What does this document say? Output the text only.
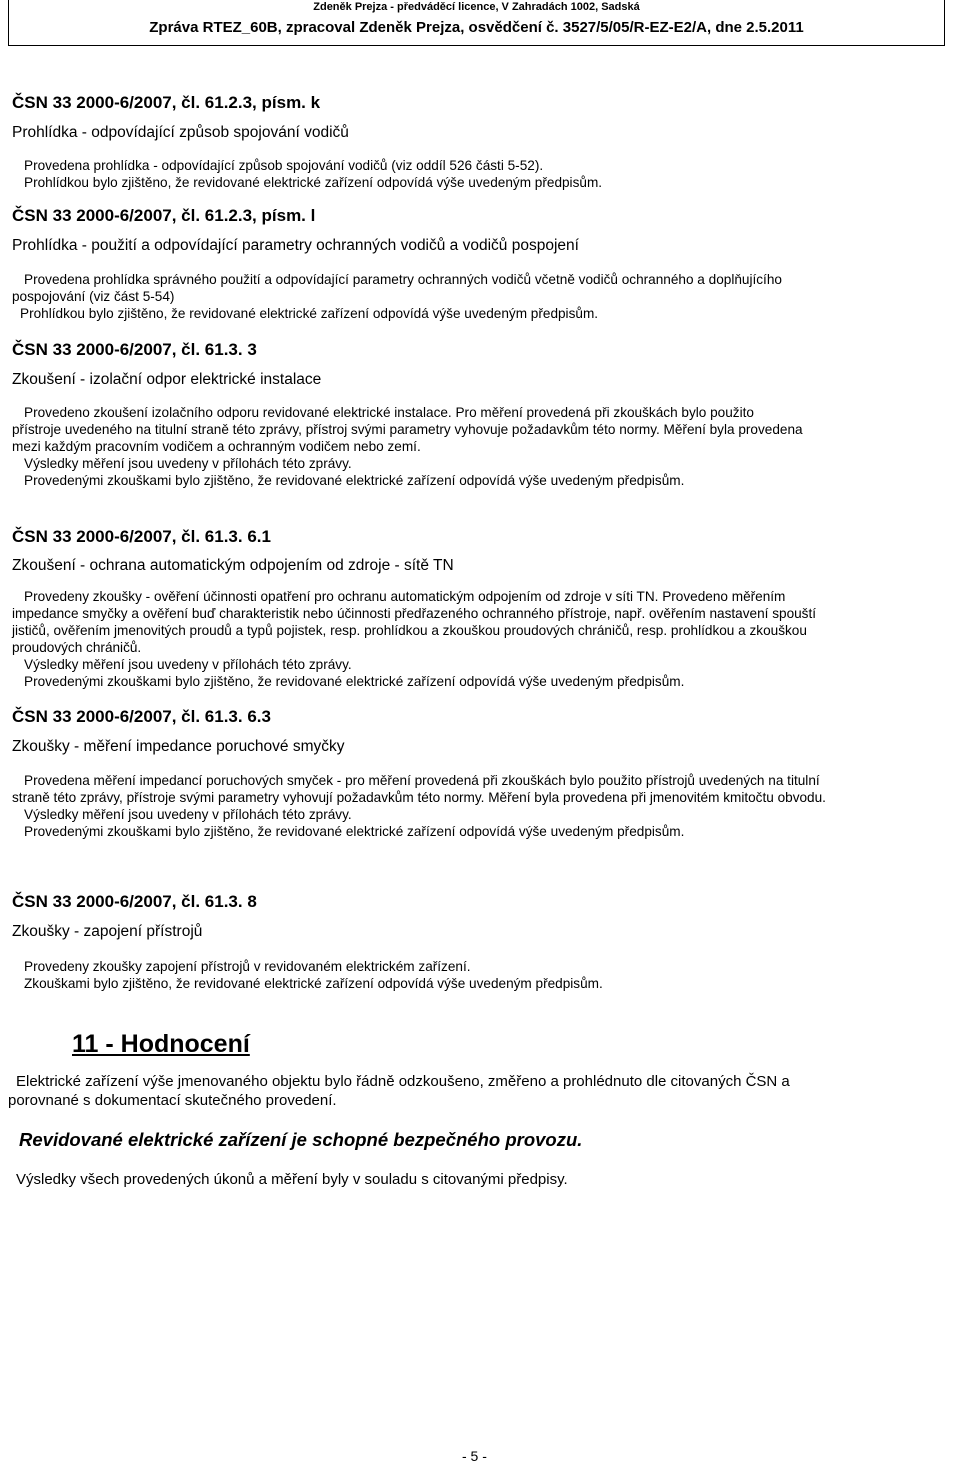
Zdeněk Prejza - předváděcí licence, V Zahradách 1002, Sadská
Zpráva RTEZ_60B, zpracoval Zdeněk Prejza, osvědčení č. 3527/5/05/R-EZ-E2/A, dne 2.5.2011
ČSN 33 2000-6/2007, čl. 61.2.3, písm. k
Prohlídka - odpovídající způsob spojování vodičů
Provedena prohlídka - odpovídající způsob spojování vodičů (viz oddíl 526 části 5-52).
Prohlídkou bylo zjištěno, že revidované elektrické zařízení odpovídá výše uvedeným předpisům.
ČSN 33 2000-6/2007, čl. 61.2.3, písm. l
Prohlídka - použití a odpovídající parametry ochranných vodičů a vodičů pospojení
Provedena prohlídka správného použití a odpovídající parametry ochranných vodičů včetně vodičů ochranného a doplňujícího
pospojování (viz část 5-54)
Prohlídkou bylo zjištěno, že revidované elektrické zařízení odpovídá výše uvedeným předpisům.
ČSN 33 2000-6/2007, čl. 61.3. 3
Zkoušení - izolační odpor elektrické instalace
Provedeno zkoušení izolačního odporu revidované elektrické instalace. Pro měření provedená při zkouškách bylo použito
přístroje uvedeného na titulní straně této zprávy, přístroj svými parametry vyhovuje požadavkům této normy. Měření byla provedena
mezi každým pracovním vodičem a ochranným vodičem nebo zemí.
Výsledky měření jsou uvedeny v přílohách této zprávy.
Provedenými zkouškami bylo zjištěno, že revidované elektrické zařízení odpovídá výše uvedeným předpisům.
ČSN 33 2000-6/2007, čl. 61.3. 6.1
Zkoušení - ochrana automatickým odpojením od zdroje - sítě TN
Provedeny zkoušky - ověření účinnosti opatření pro ochranu automatickým odpojením od zdroje v síti TN. Provedeno měřením
impedance smyčky a ověření buď charakteristik nebo účinnosti předřazeného ochranného přístroje, např. ověřením nastavení spouští
jističů, ověřením jmenovitých proudů a typů pojistek, resp. prohlídkou a zkouškou proudových chráničů, resp. prohlídkou a zkouškou
proudových chráničů.
Výsledky měření jsou uvedeny v přílohách této zprávy.
Provedenými zkouškami bylo zjištěno, že revidované elektrické zařízení odpovídá výše uvedeným předpisům.
ČSN 33 2000-6/2007, čl. 61.3. 6.3
Zkoušky - měření impedance poruchové smyčky
Provedena měření impedancí poruchových smyček - pro měření provedená při zkouškách bylo použito přístrojů uvedených na titulní
straně této zprávy, přístroje svými parametry vyhovují požadavkům této normy. Měření byla provedena při jmenovitém kmitočtu obvodu.
Výsledky měření jsou uvedeny v přílohách této zprávy.
Provedenými zkouškami bylo zjištěno, že revidované elektrické zařízení odpovídá výše uvedeným předpisům.
ČSN 33 2000-6/2007, čl. 61.3. 8
Zkoušky - zapojení přístrojů
Provedeny zkoušky zapojení přístrojů v revidovaném elektrickém zařízení.
Zkouškami bylo zjištěno, že revidované elektrické zařízení odpovídá výše uvedeným předpisům.
11 - Hodnocení
Elektrické zařízení výše jmenovaného objektu bylo řádně odzkoušeno, změřeno a prohlédnuto dle citovaných ČSN a
porovnané s dokumentací skutečného provedení.
Revidované elektrické zařízení je schopné bezpečného provozu.
Výsledky všech provedených úkonů a měření byly v souladu s citovanými předpisy.
- 5 -
